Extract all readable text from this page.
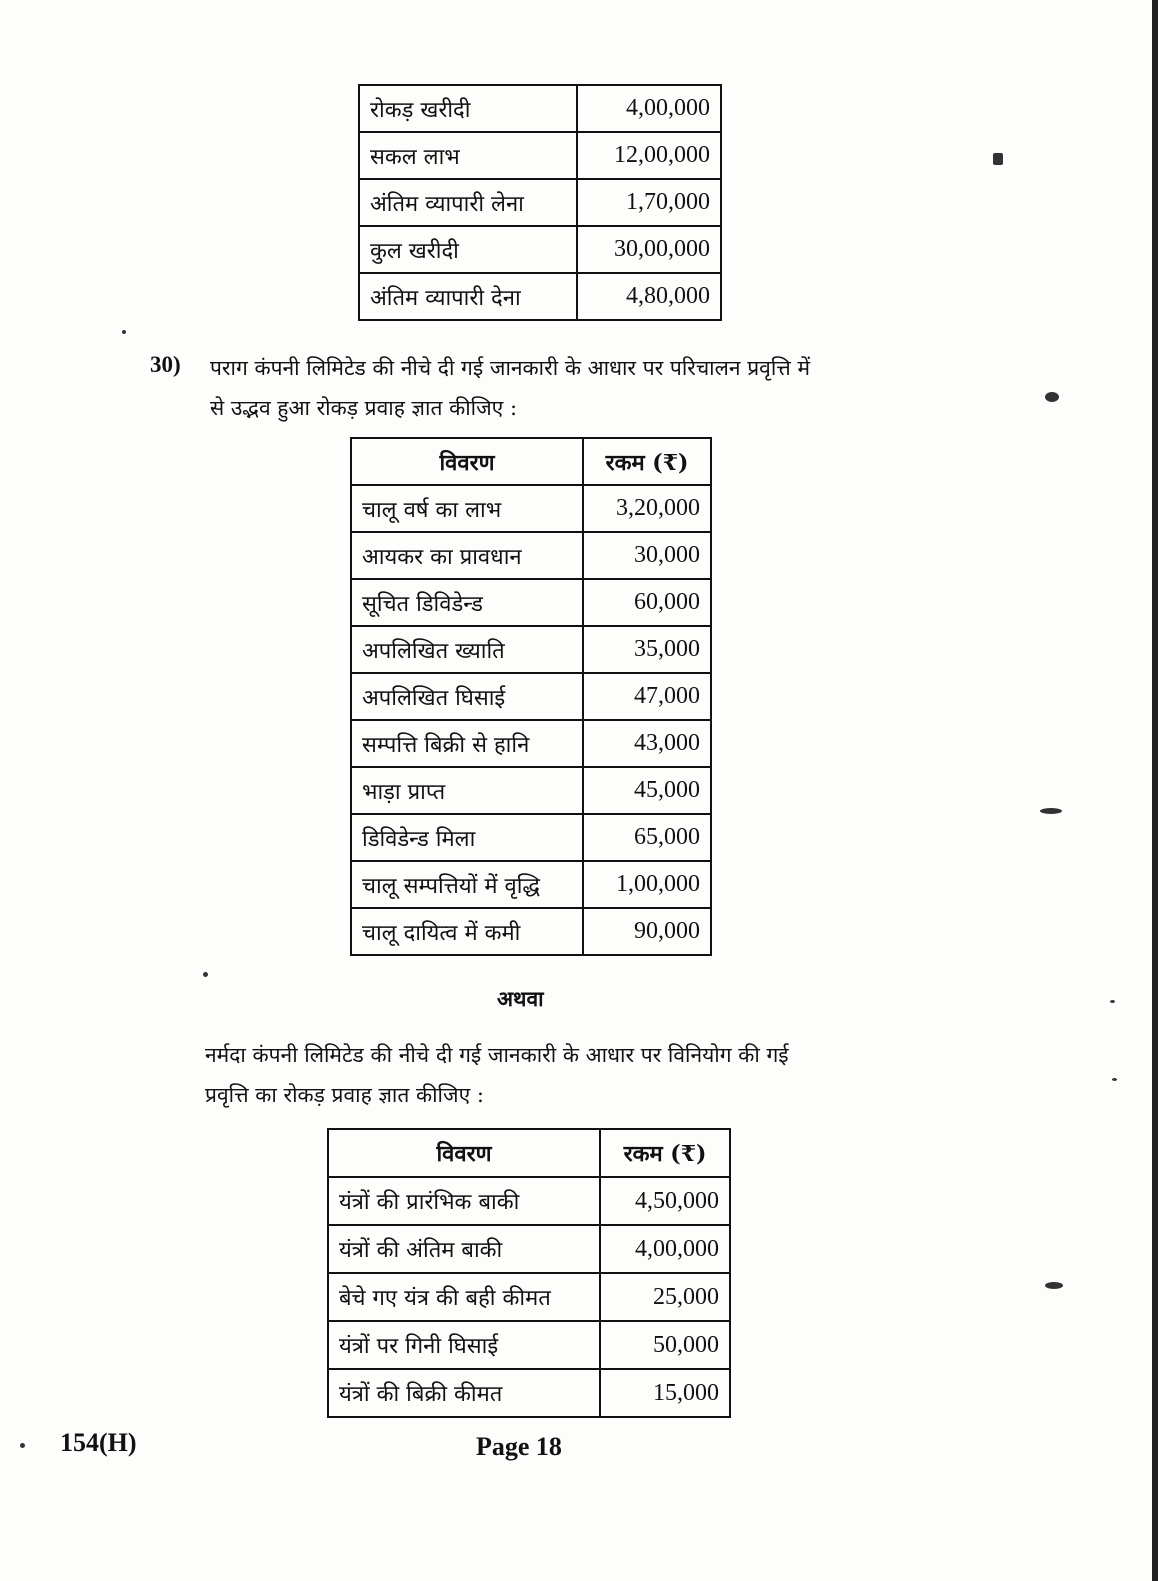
रोकड़ खरीदी	4,00,000
सकल लाभ	12,00,000
अंतिम व्यापारी लेना	1,70,000
कुल खरीदी	30,00,000
अंतिम व्यापारी देना	4,80,000
30) पराग कंपनी लिमिटेड की नीचे दी गई जानकारी के आधार पर परिचालन प्रवृत्ति में
से उद्भव हुआ रोकड़ प्रवाह ज्ञात कीजिए :
विवरण	रकम (₹)
चालू वर्ष का लाभ	3,20,000
आयकर का प्रावधान	30,000
सूचित डिविडेन्ड	60,000
अपलिखित ख्याति	35,000
अपलिखित घिसाई	47,000
सम्पत्ति बिक्री से हानि	43,000
भाड़ा प्राप्त	45,000
डिविडेन्ड मिला	65,000
चालू सम्पत्तियों में वृद्धि	1,00,000
चालू दायित्व में कमी	90,000
अथवा
नर्मदा कंपनी लिमिटेड की नीचे दी गई जानकारी के आधार पर विनियोग की गई
प्रवृत्ति का रोकड़ प्रवाह ज्ञात कीजिए :
विवरण	रकम (₹)
यंत्रों की प्रारंभिक बाकी	4,50,000
यंत्रों की अंतिम बाकी	4,00,000
बेचे गए यंत्र की बही कीमत	25,000
यंत्रों पर गिनी घिसाई	50,000
यंत्रों की बिक्री कीमत	15,000
154(H)	Page 18
